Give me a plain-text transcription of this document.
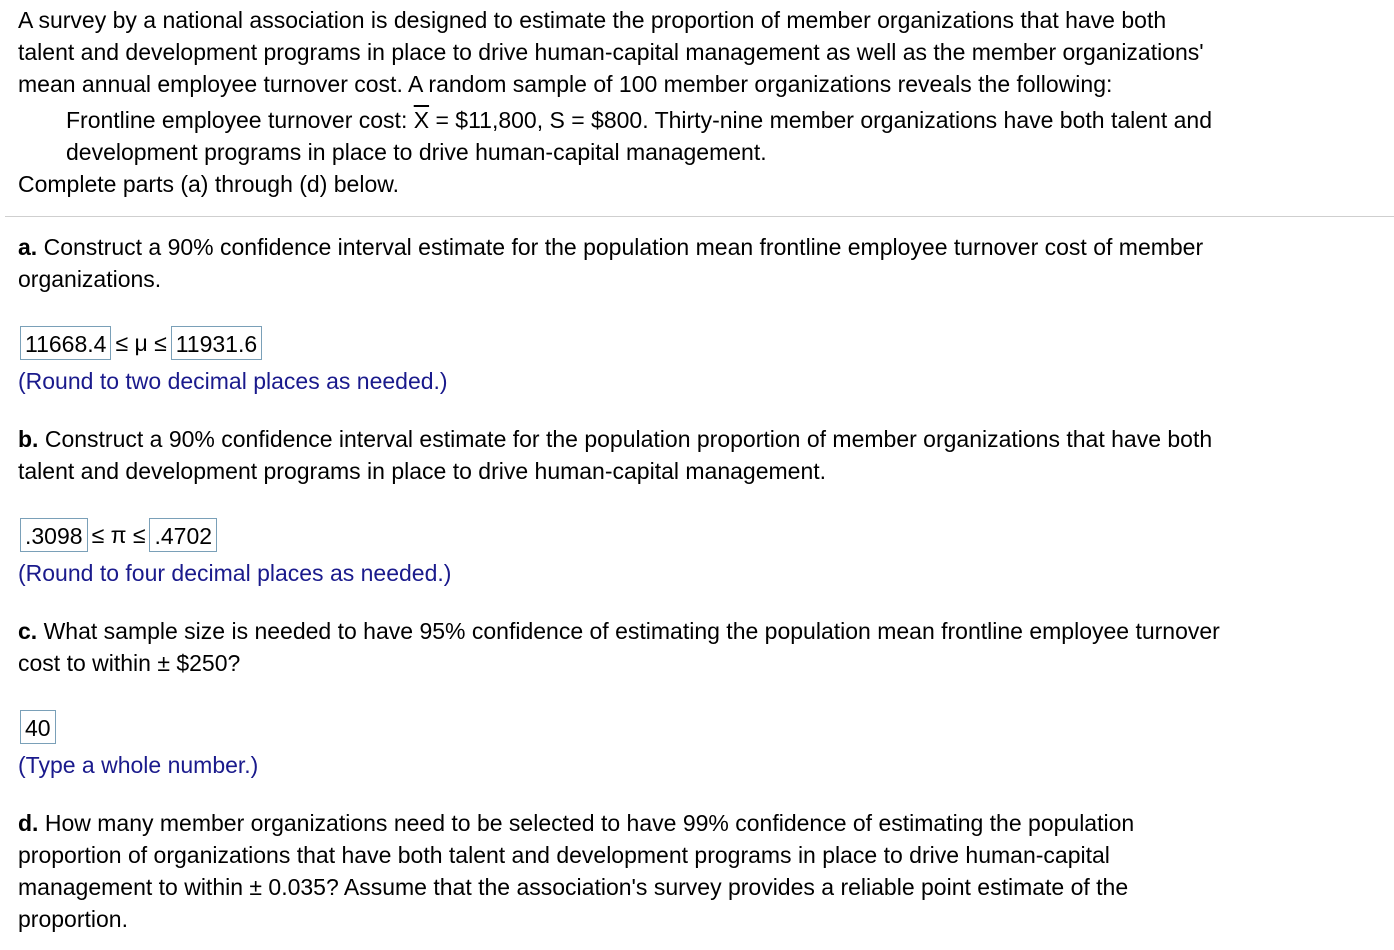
A survey by a national association is designed to estimate the proportion of member organizations that have both
talent and development programs in place to drive human-capital management as well as the member organizations'
mean annual employee turnover cost. A random sample of 100 member organizations reveals the following:
Frontline employee turnover cost: $\overline{X}$ = $11,800, S = $800. Thirty-nine member organizations have both talent and
development programs in place to drive human-capital management.
Complete parts (a) through (d) below.
a. Construct a 90% confidence interval estimate for the population mean frontline employee turnover cost of member
organizations.
11668.4 ≤ μ ≤ 11931.6
(Round to two decimal places as needed.)
b. Construct a 90% confidence interval estimate for the population proportion of member organizations that have both
talent and development programs in place to drive human-capital management.
.3098 ≤ π ≤ .4702
(Round to four decimal places as needed.)
c. What sample size is needed to have 95% confidence of estimating the population mean frontline employee turnover
cost to within ± $250?
40
(Type a whole number.)
d. How many member organizations need to be selected to have 99% confidence of estimating the population
proportion of organizations that have both talent and development programs in place to drive human-capital
management to within ± 0.035? Assume that the association's survey provides a reliable point estimate of the
proportion.
